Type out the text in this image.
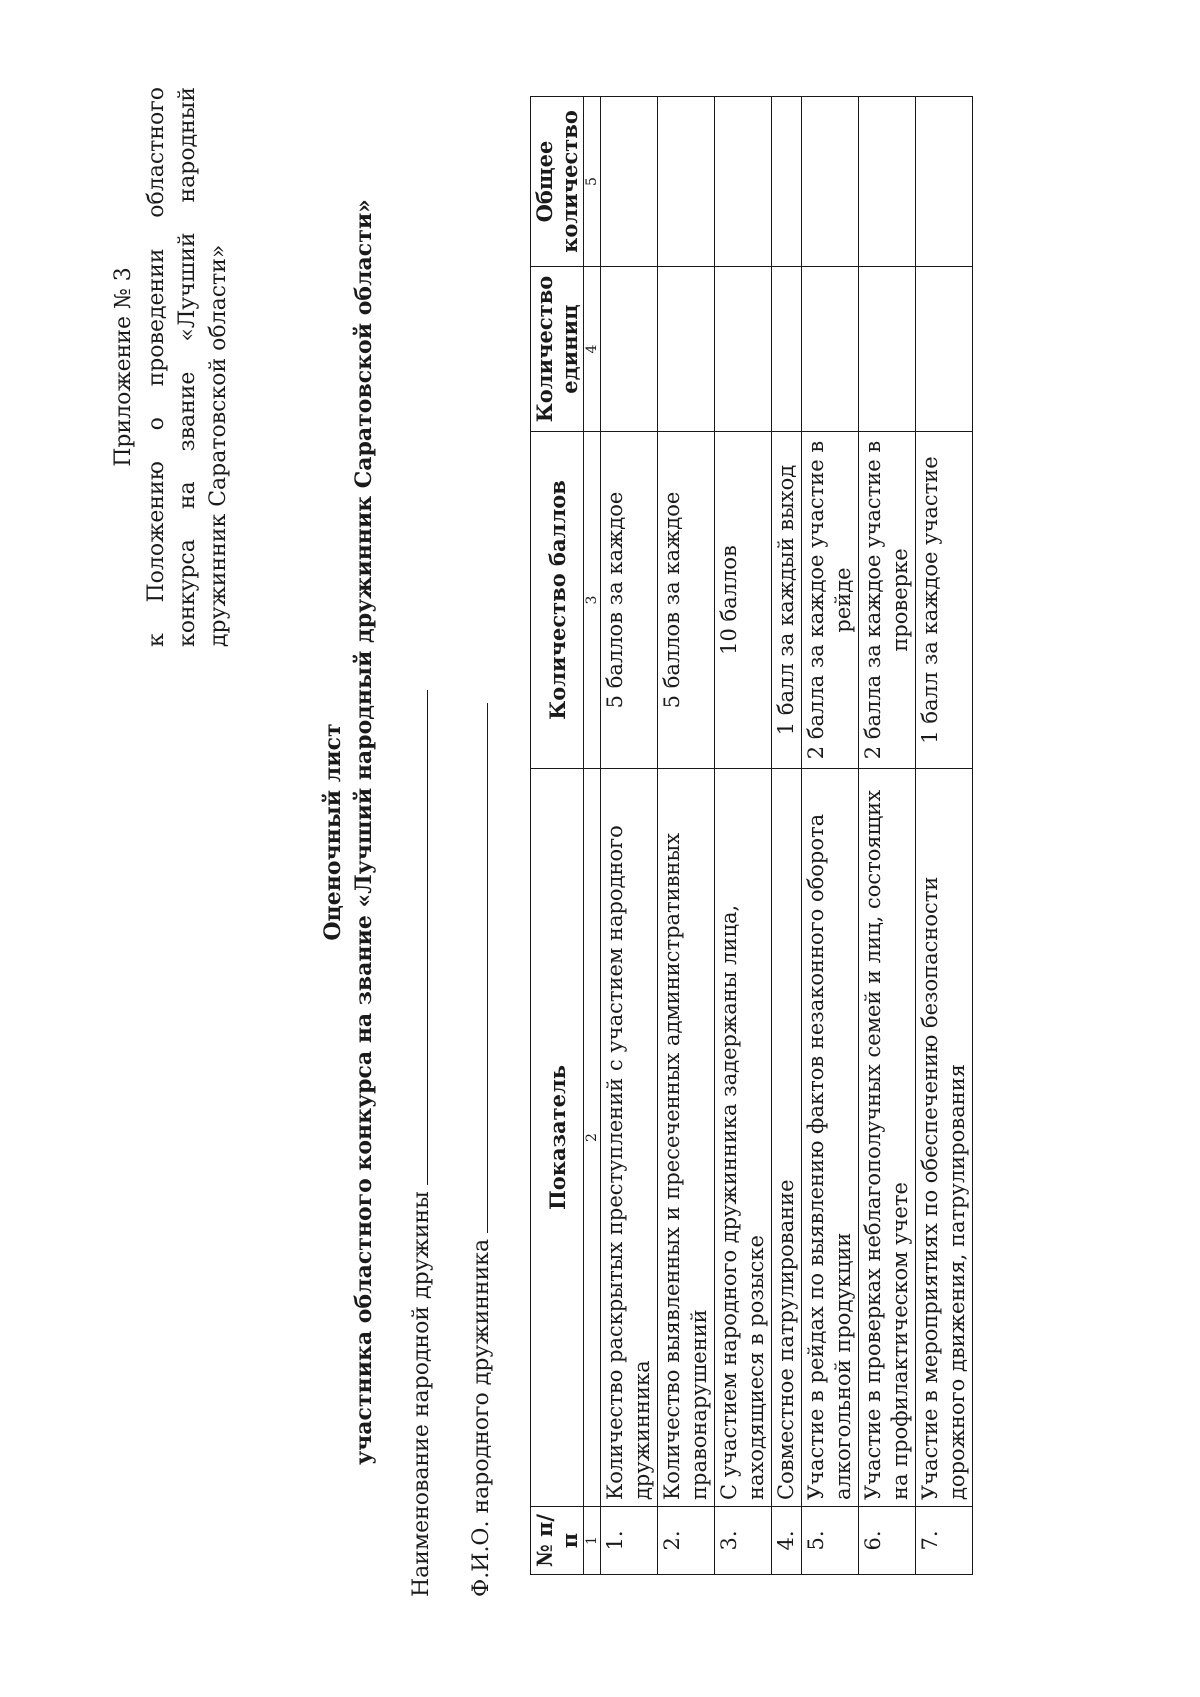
Приложение № 3 к Положению о проведении областного конкурса на звание «Лучший народный дружинник Саратовской области»

Оценочный лист участника областного конкурса на звание «Лучший народный дружинник Саратовской области» Наименование народной дружины Ф.И.О. народного дружинника № п/п	Показатель	Количество баллов	Количество единиц	Общее количество
1	2	3	4	5
1.	Количество раскрытых преступлений с участием народного дружинника	5 баллов за каждое		
2.	Количество выявленных и пресеченных административных правонарушений	5 баллов за каждое		
3.	С участием народного дружинника задержаны лица, находящиеся в розыске	10 баллов		
4.	Совместное патрулирование	1 балл за каждый выход		
5.	Участие в рейдах по выявлению фактов незаконного оборота алкогольной продукции	2 балла за каждое участие в рейде		
6.	Участие в проверках неблагополучных семей и лиц, состоящих на профилактическом учете	2 балла за каждое участие в проверке		
7.	Участие в мероприятиях по обеспечению безопасности дорожного движения, патрулирования	1 балл за каждое участие		
